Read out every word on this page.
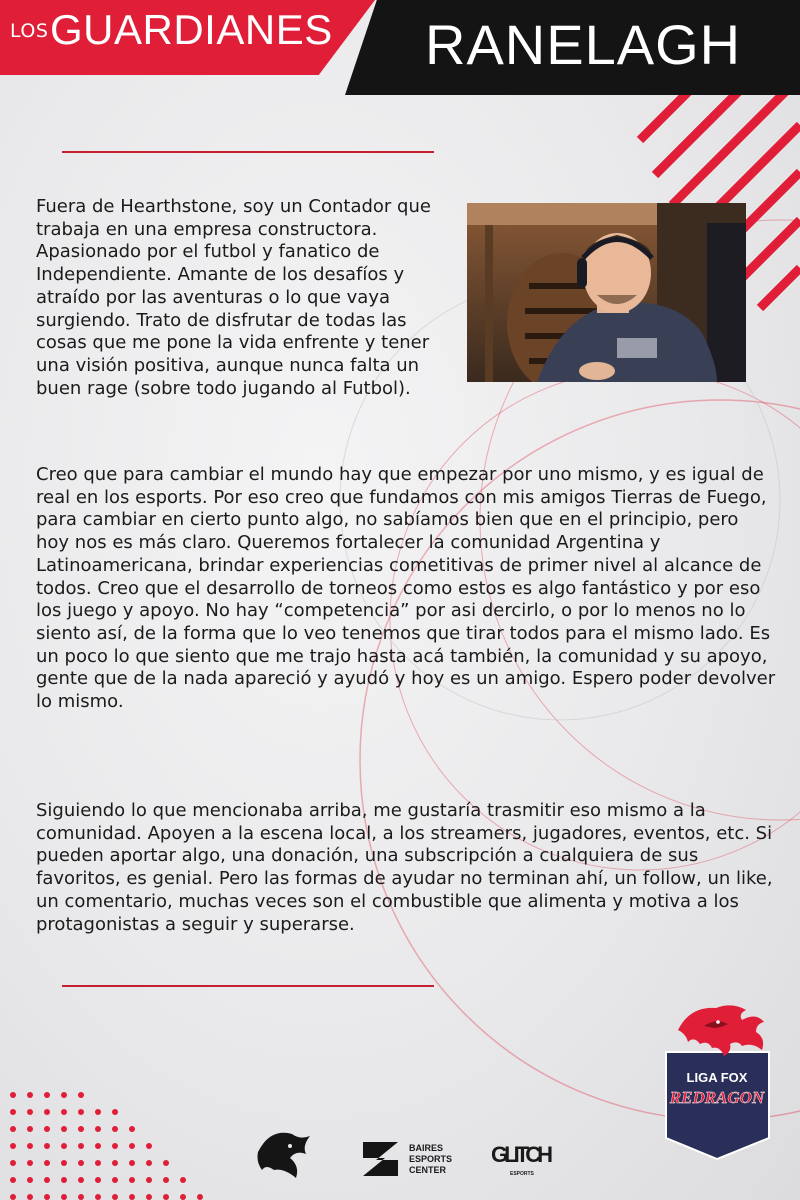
LOS GUARDIANES RANELAGH
Fuera de Hearthstone, soy un Contador que trabaja en una empresa constructora. Apasionado por el futbol y fanatico de Independiente. Amante de los desafíos y atraído por las aventuras o lo que vaya surgiendo. Trato de disfrutar de todas las cosas que me pone la vida enfrente y tener una visión positiva, aunque nunca falta un buen rage (sobre todo jugando al Futbol).
Creo que para cambiar el mundo hay que empezar por uno mismo, y es igual de real en los esports. Por eso creo que fundamos con mis amigos Tierras de Fuego, para cambiar en cierto punto algo, no sabíamos bien que en el principio, pero hoy nos es más claro. Queremos fortalecer la comunidad Argentina y Latinoamericana, brindar experiencias cometitivas de primer nivel al alcance de todos. Creo que el desarrollo de torneos como estos es algo fantástico y por eso los juego y apoyo. No hay “competencia” por asi dercirlo, o por lo menos no lo siento así, de la forma que lo veo tenemos que tirar todos para el mismo lado. Es un poco lo que siento que me trajo hasta acá también, la comunidad y su apoyo, gente que de la nada apareció y ayudó y hoy es un amigo. Espero poder devolver lo mismo.
Siguiendo lo que mencionaba arriba, me gustaría trasmitir eso mismo a la comunidad. Apoyen a la escena local, a los streamers, jugadores, eventos, etc. Si pueden aportar algo, una donación, una subscripción a cualquiera de sus favoritos, es genial. Pero las formas de ayudar no terminan ahí, un follow, un like, un comentario, muchas veces son el combustible que alimenta y motiva a los protagonistas a seguir y superarse.
BAIRES
ESPORTS
CENTER
GLITCH
ESPORTS
LIGA FOX
REDRAGON
